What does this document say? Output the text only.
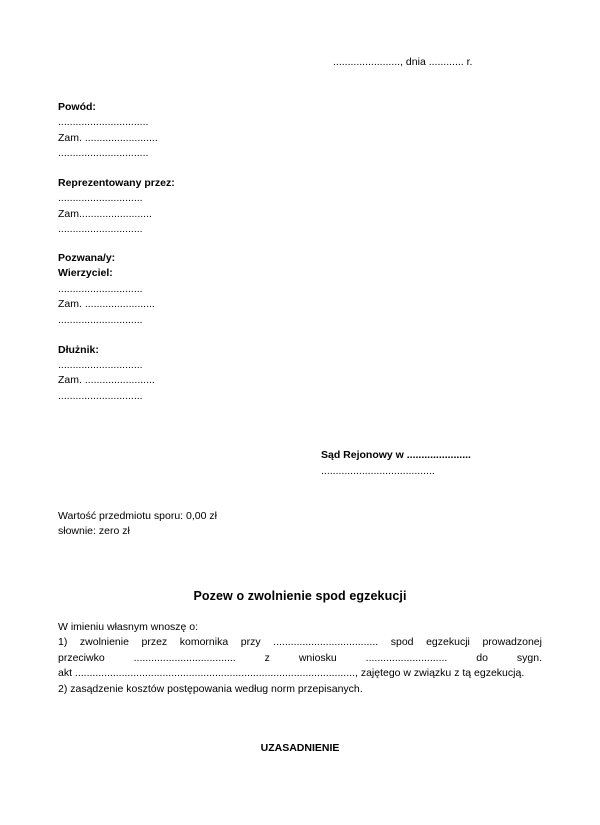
......................., dnia ............ r.
Powód:
...............................
Zam. .........................
...............................
Reprezentowany przez:
.............................
Zam.........................
.............................
Pozwana/y:
Wierzyciel:
.............................
Zam. ........................
.............................
Dłużnik:
.............................
Zam. ........................
.............................
Sąd Rejonowy w ......................
.......................................
Wartość przedmiotu sporu: 0,00 zł
słownie: zero zł
Pozew o zwolnienie spod egzekucji
W imieniu własnym wnoszę o:
1) zwolnienie przez komornika przy .................................... spod egzekucji prowadzonej
przeciwko	...................................	z	wniosku	............................	do	sygn.
akt ................................................................................................, zajętego w związku z tą egzekucją.
2) zasądzenie kosztów postępowania według norm przepisanych.
UZASADNIENIE
